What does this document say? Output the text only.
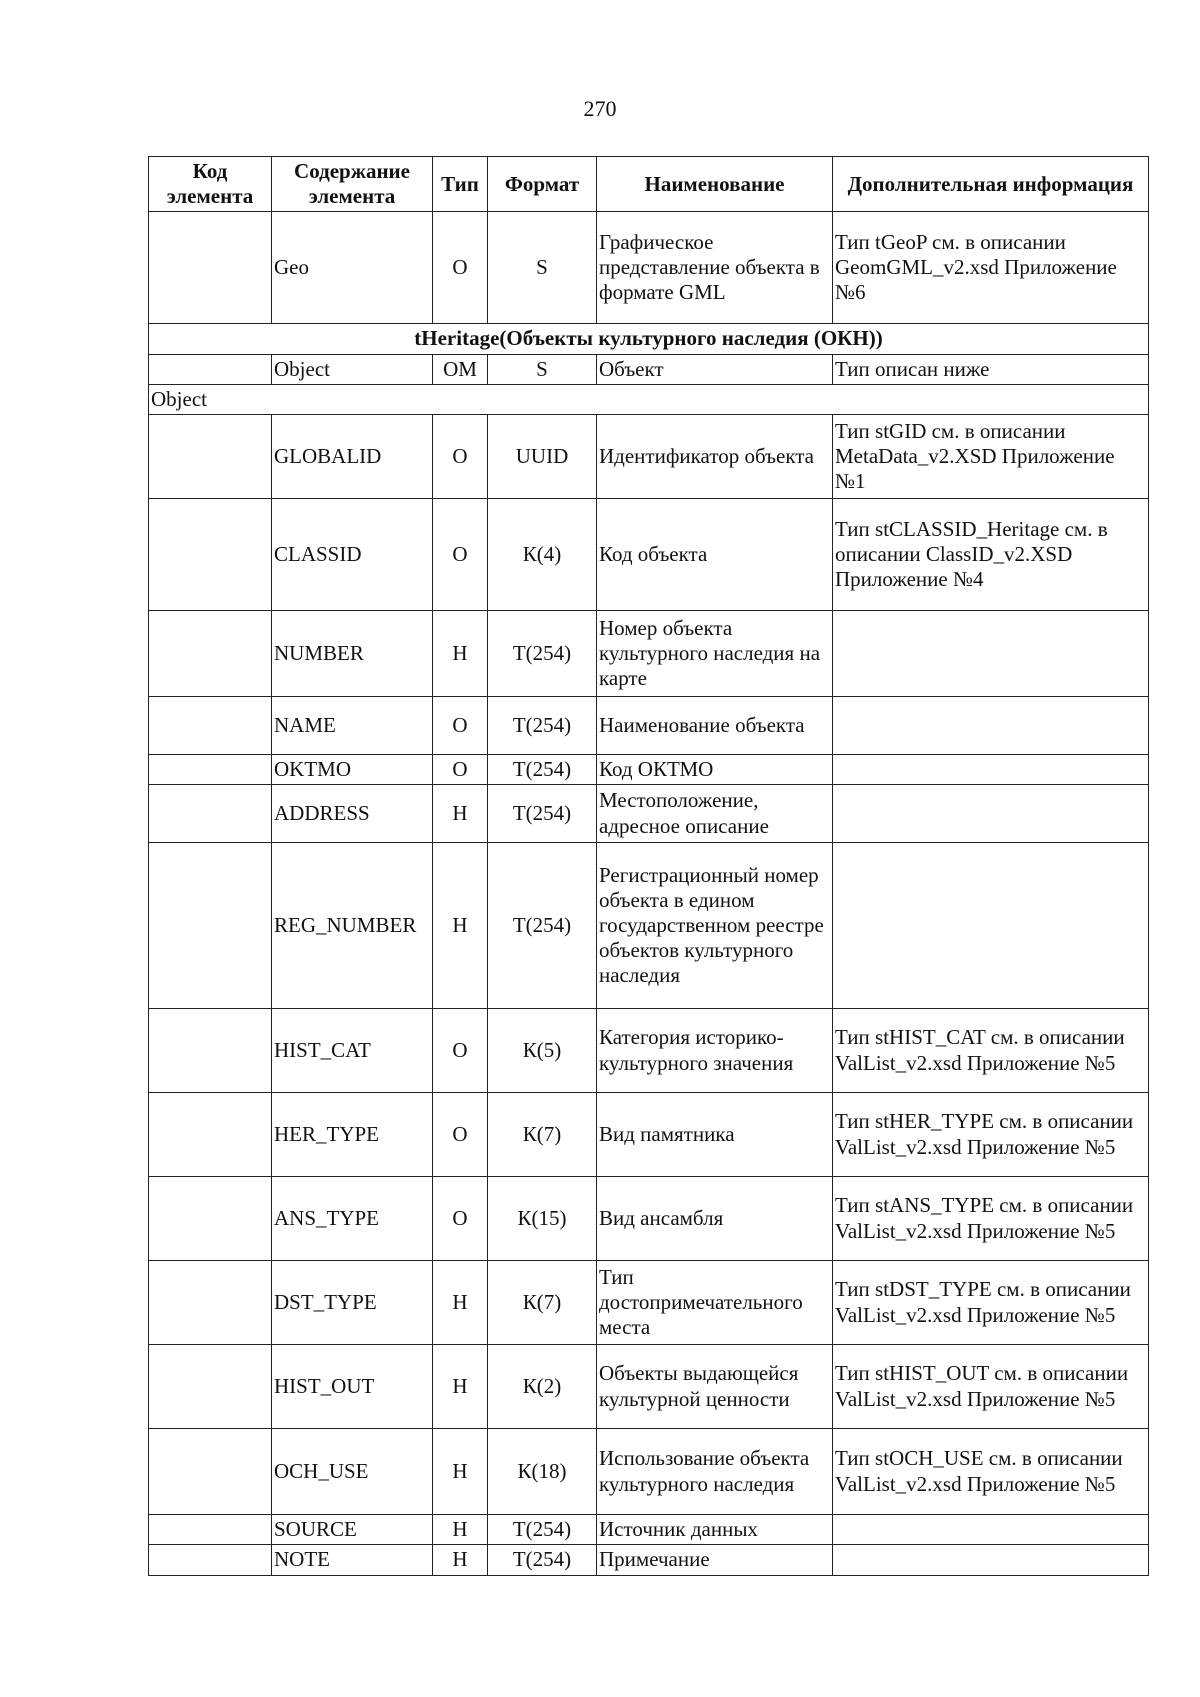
270
Код элемента	Содержание элемента	Тип	Формат	Наименование	Дополнительная информация
	Geo	О	S	Графическое представление объекта в формате GML	Тип tGeoP см. в описании GeomGML_v2.xsd Приложение №6
tHeritage(Объекты культурного наследия (ОКН))					
	Object	ОМ	S	Объект	Тип описан ниже
Object					
	GLOBALID	О	UUID	Идентификатор объекта	Тип stGID см. в описании MetaData_v2.XSD Приложение №1
	CLASSID	О	К(4)	Код объекта	Тип stCLASSID_Heritage см. в описании ClassID_v2.XSD Приложение №4
	NUMBER	Н	Т(254)	Номер объекта культурного наследия на карте	
	NAME	О	Т(254)	Наименование объекта	
	OKTMO	О	Т(254)	Код ОКТМО	
	ADDRESS	Н	Т(254)	Местоположение, адресное описание	
	REG_NUMBER	Н	Т(254)	Регистрационный номер объекта в едином государственном реестре объектов культурного наследия	
	HIST_CAT	О	К(5)	Категория историко-культурного значения	Тип stHIST_CAT см. в описании ValList_v2.xsd Приложение №5
	HER_TYPE	О	К(7)	Вид памятника	Тип stHER_TYPE см. в описании ValList_v2.xsd Приложение №5
	ANS_TYPE	О	К(15)	Вид ансамбля	Тип stANS_TYPE см. в описании ValList_v2.xsd Приложение №5
	DST_TYPE	Н	К(7)	Тип достопримечательного места	Тип stDST_TYPE см. в описании ValList_v2.xsd Приложение №5
	HIST_OUT	Н	К(2)	Объекты выдающейся культурной ценности	Тип stHIST_OUT см. в описании ValList_v2.xsd Приложение №5
	OCH_USE	Н	К(18)	Использование объекта культурного наследия	Тип stOCH_USE см. в описании ValList_v2.xsd Приложение №5
	SOURCE	Н	Т(254)	Источник данных	
	NOTE	Н	Т(254)	Примечание	
